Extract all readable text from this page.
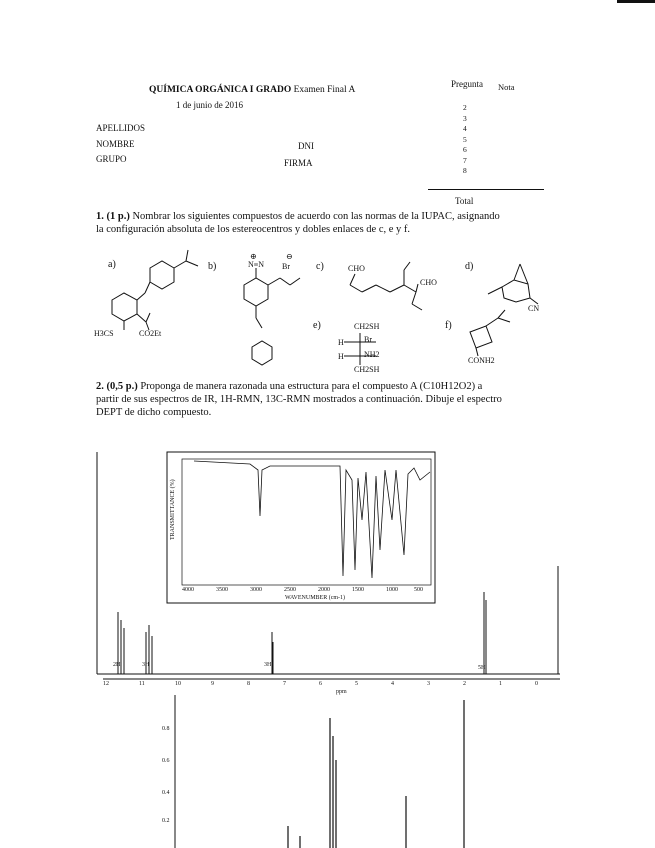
QUÍMICA ORGÁNICA I GRADO Examen Final A
1 de junio de 2016
Pregunta Nota
2
3
4
5
6
7
8
Total
APELLIDOS
NOMBRE	DNI
GRUPO	FIRMA
1. (1 p.) Nombrar los siguientes compuestos de acuerdo con las normas de la IUPAC, asignando
la configuración absoluta de los estereocentros y dobles enlaces de c, e y f.
a)	b)	c)	d)
e)	f)
H3CS	CO2Et
N≡N
⊕
Br
⊖
CHO
CHO
CN
CH2SH
H	Br
H	NH2
CH2SH
CONH2
2. (0,5 p.) Proponga de manera razonada una estructura para el compuesto A (C10H12O2) a
partir de sus espectros de IR, 1H-RMN, 13C-RMN mostrados a continuación. Dibuje el espectro
DEPT de dicho compuesto.
TRANSMITTANCE (%)
WAVENUMBER (cm-1)
4000	3500	3000	2500	2000	1500	1000	500
2H	3H	3H	5H
12	11	10	9	8	7	6	5	4	3	2	1	0
ppm
0.8
0.6
0.4
0.2
